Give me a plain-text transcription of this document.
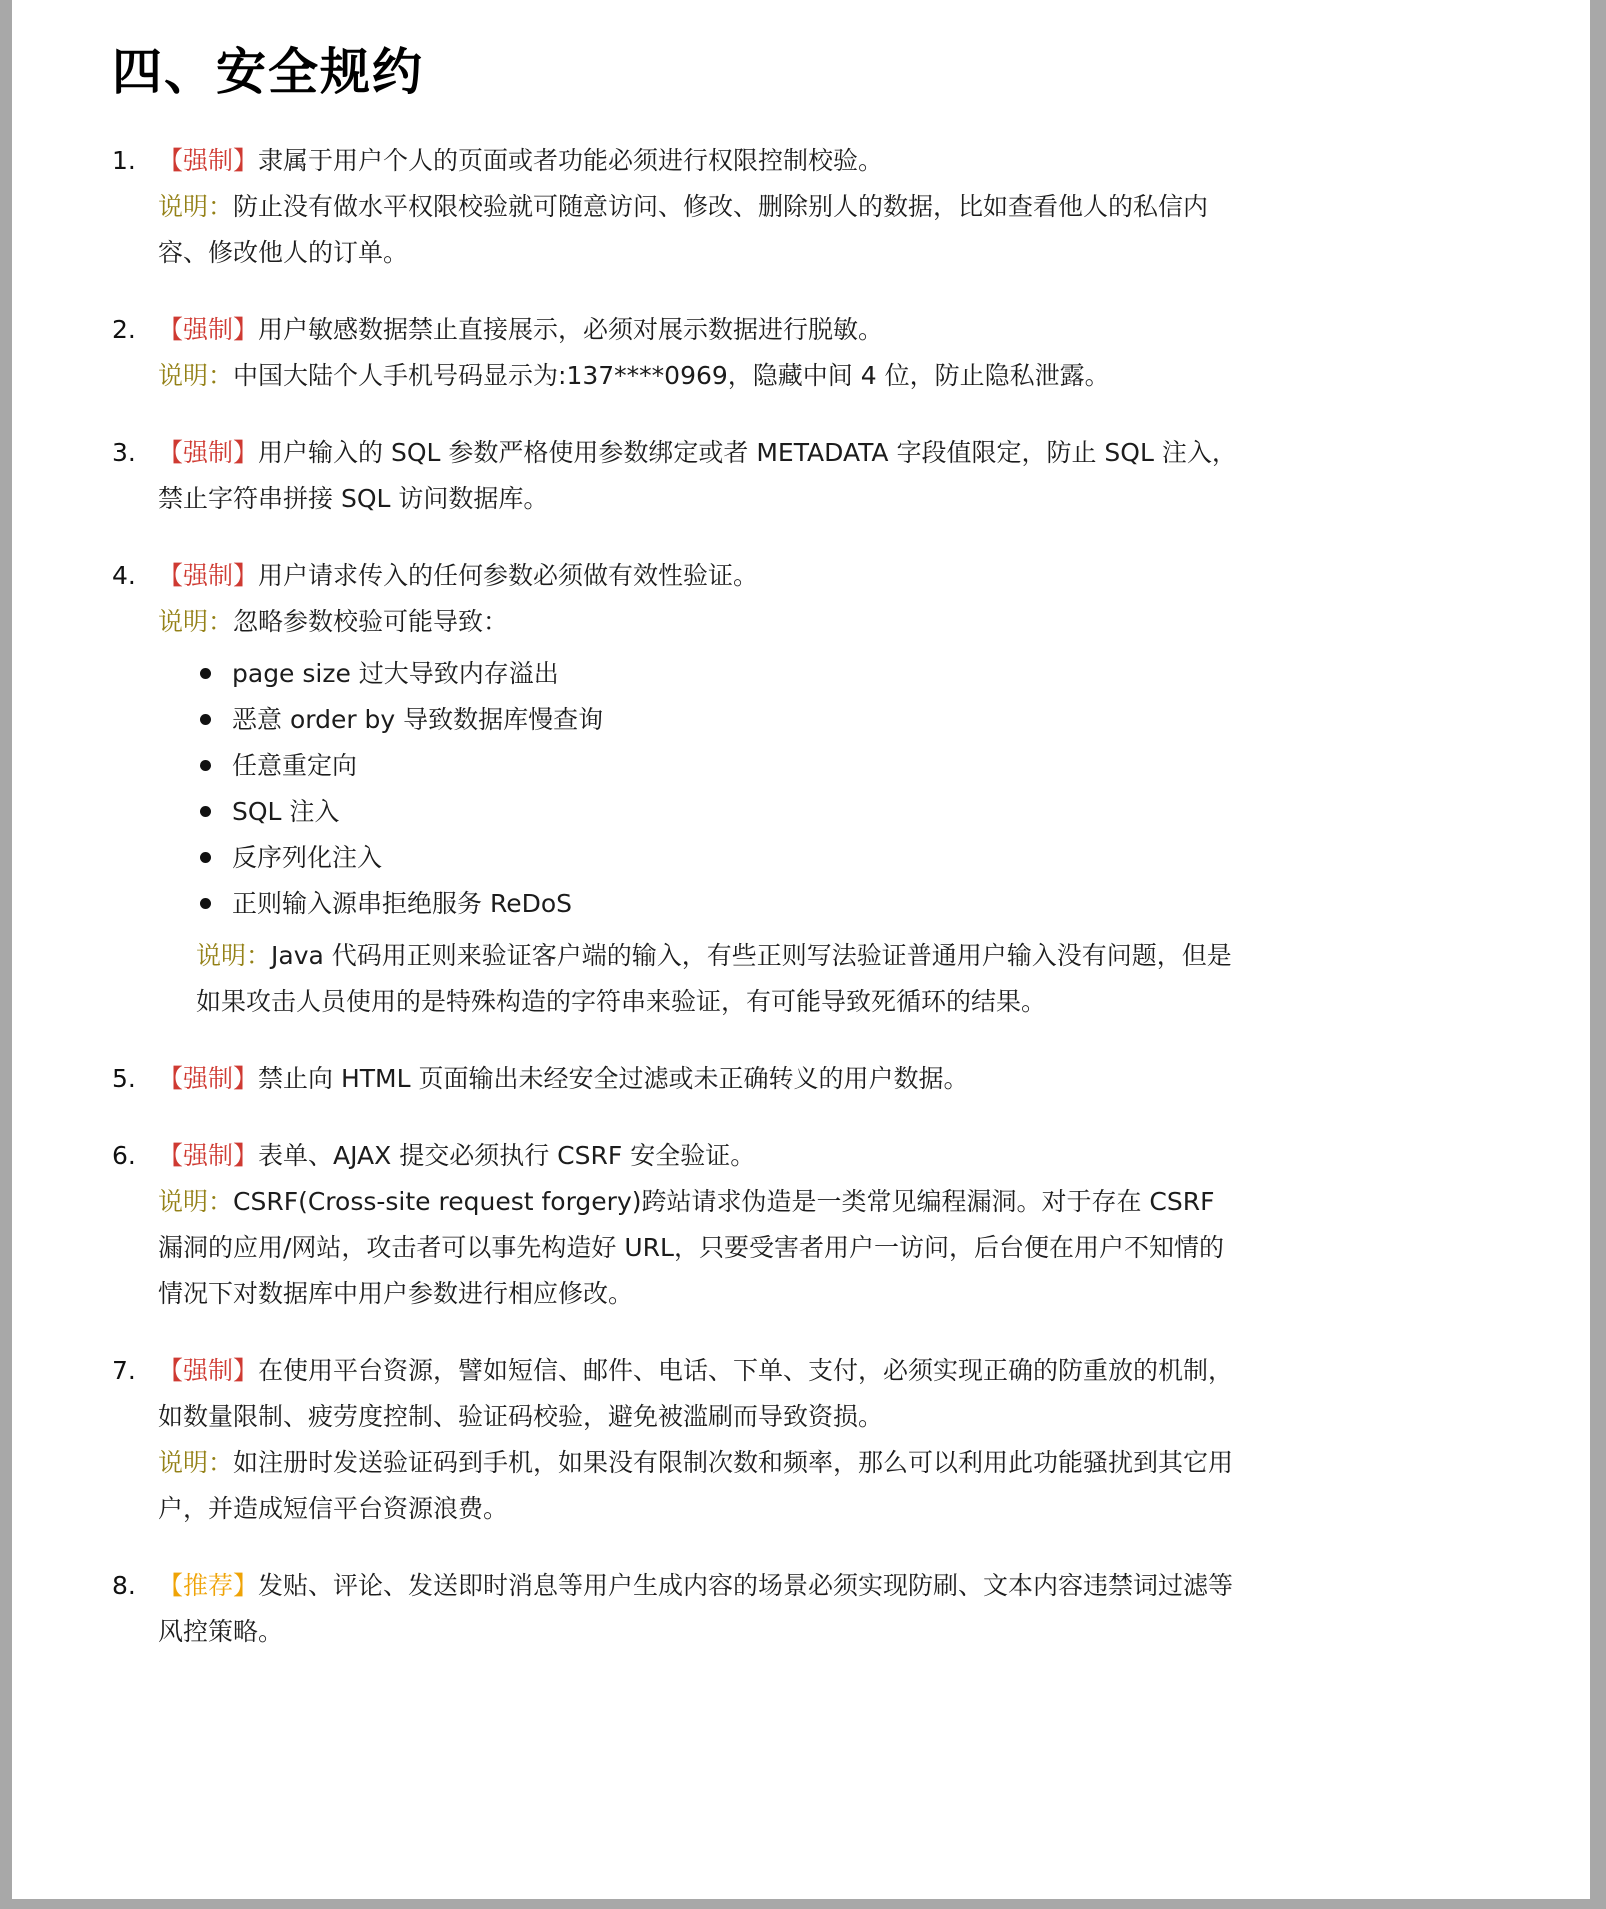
四、安全规约
1. 【强制】隶属于用户个人的页面或者功能必须进行权限控制校验。

说明：防止没有做水平权限校验就可随意访问、修改、删除别人的数据，比如查看他人的私信内容、修改他人的订单。

2. 【强制】用户敏感数据禁止直接展示，必须对展示数据进行脱敏。

说明：中国大陆个人手机号码显示为:137****0969，隐藏中间 4 位，防止隐私泄露。

3. 【强制】用户输入的 SQL 参数严格使用参数绑定或者 METADATA 字段值限定，防止 SQL 注入，禁止字符串拼接 SQL 访问数据库。

4. 【强制】用户请求传入的任何参数必须做有效性验证。

说明：忽略参数校验可能导致：

page size 过大导致内存溢出
恶意 order by 导致数据库慢查询
任意重定向
SQL 注入
反序列化注入
正则输入源串拒绝服务 ReDoS

说明：Java 代码用正则来验证客户端的输入，有些正则写法验证普通用户输入没有问题，但是如果攻击人员使用的是特殊构造的字符串来验证，有可能导致死循环的结果。

5. 【强制】禁止向 HTML 页面输出未经安全过滤或未正确转义的用户数据。

6. 【强制】表单、AJAX 提交必须执行 CSRF 安全验证。

说明：CSRF(Cross-site request forgery)跨站请求伪造是一类常见编程漏洞。对于存在 CSRF 漏洞的应用/网站，攻击者可以事先构造好 URL，只要受害者用户一访问，后台便在用户不知情的情况下对数据库中用户参数进行相应修改。

7. 【强制】在使用平台资源，譬如短信、邮件、电话、下单、支付，必须实现正确的防重放的机制，如数量限制、疲劳度控制、验证码校验，避免被滥刷而导致资损。

说明：如注册时发送验证码到手机，如果没有限制次数和频率，那么可以利用此功能骚扰到其它用户，并造成短信平台资源浪费。

8. 【推荐】发贴、评论、发送即时消息等用户生成内容的场景必须实现防刷、文本内容违禁词过滤等风控策略。
